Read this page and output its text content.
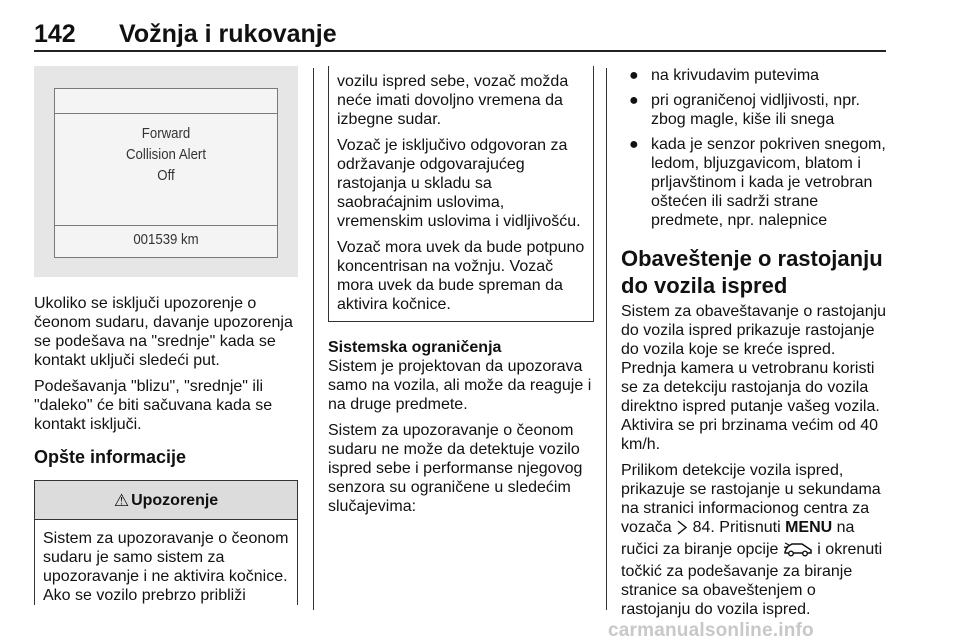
142 Vožnja i rukovanje
Forward
Collision Alert
Off
001539 km

Ukoliko se isključi upozorenje o čeonom sudaru, davanje upozorenja se podešava na "srednje" kada se kontakt uključi sledeći put.

Podešavanja "blizu", "srednje" ili "daleko" će biti sačuvana kada se kontakt isključi.

Opšte informacije
⚠ Upozorenje
Sistem za upozoravanje o čeonom sudaru je samo sistem za upozoravanje i ne aktivira kočnice. Ako se vozilo prebrzo približi

vozilu ispred sebe, vozač možda neće imati dovoljno vremena da izbegne sudar.

Vozač je isključivo odgovoran za održavanje odgovarajućeg rastojanja u skladu sa saobraćajnim uslovima, vremenskim uslovima i vidljivošću.

Vozač mora uvek da bude potpuno koncentrisan na vožnju. Vozač mora uvek da bude spreman da aktivira kočnice.

Sistemska ograničenja

Sistem je projektovan da upozorava samo na vozila, ali može da reaguje i na druge predmete.

Sistem za upozoravanje o čeonom sudaru ne može da detektuje vozilo ispred sebe i performanse njegovog senzora su ograničene u sledećim slučajevima:

● na krivudavim putevima
● pri ograničenoj vidljivosti, npr. zbog magle, kiše ili snega
● kada je senzor pokriven snegom, ledom, bljuzgavicom, blatom i prljavštinom i kada je vetrobran oštećen ili sadrži strane predmete, npr. nalepnice
Obaveštenje o rastojanju do vozila ispred

Sistem za obaveštavanje o rastojanju do vozila ispred prikazuje rastojanje do vozila koje se kreće ispred. Prednja kamera u vetrobranu koristi se za detekciju rastojanja do vozila direktno ispred putanje vašeg vozila. Aktivira se pri brzinama većim od 40 km/h.

Prilikom detekcije vozila ispred, prikazuje se rastojanje u sekundama na stranici informacionog centra za vozača  84. Pritisnuti MENU na ručici za biranje opcije  i okrenuti točkić za podešavanje za biranje stranice sa obaveštenjem o rastojanju do vozila ispred.

carmanualsonline.info
